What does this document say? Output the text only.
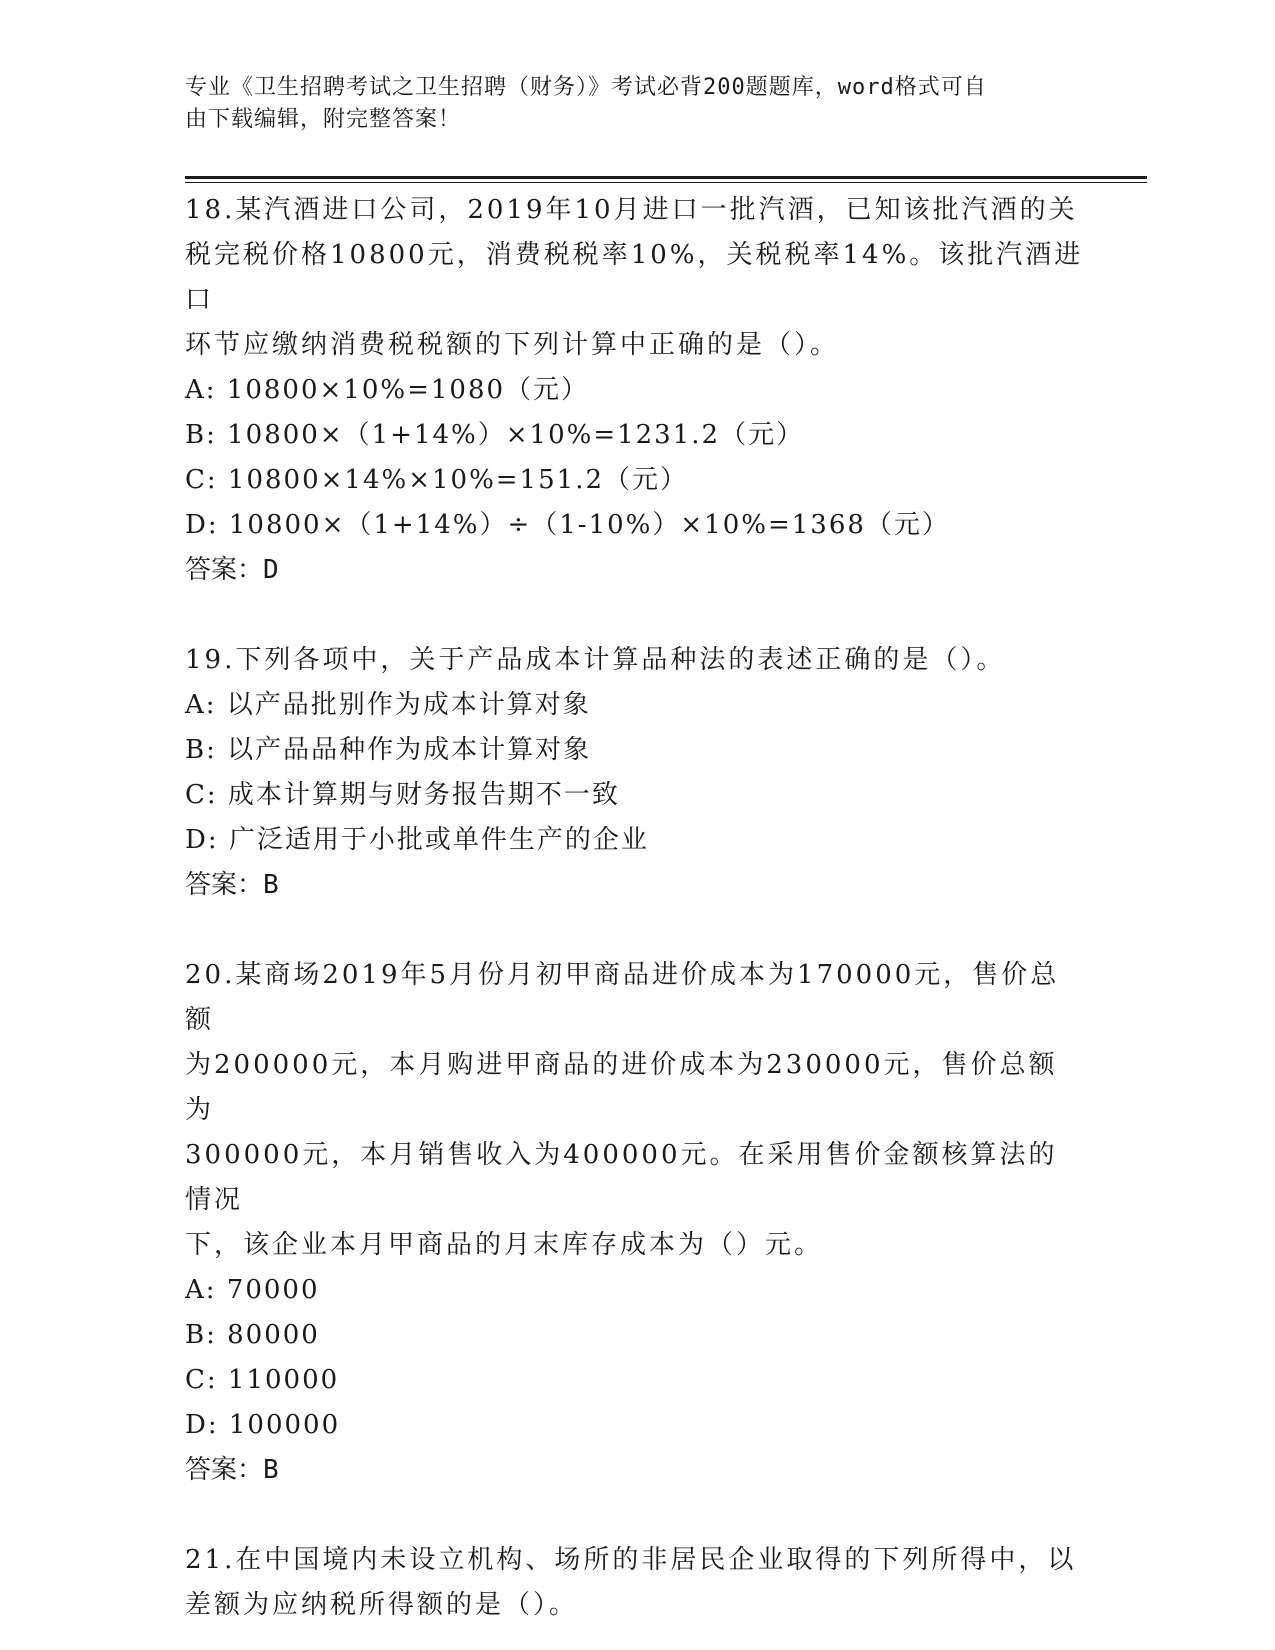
专业《卫生招聘考试之卫生招聘（财务）》考试必背200题题库，word格式可自
由下载编辑，附完整答案！
18.某汽酒进口公司，2019年10月进口一批汽酒，已知该批汽酒的关
税完税价格10800元，消费税税率10%，关税税率14%。该批汽酒进口
环节应缴纳消费税税额的下列计算中正确的是（）。
A: 10800×10%=1080（元）
B: 10800×（1+14%）×10%=1231.2（元）
C: 10800×14%×10%=151.2（元）
D: 10800×（1+14%）÷（1-10%）×10%=1368（元）
答案：D
19.下列各项中，关于产品成本计算品种法的表述正确的是（）。
A: 以产品批别作为成本计算对象
B: 以产品品种作为成本计算对象
C: 成本计算期与财务报告期不一致
D: 广泛适用于小批或单件生产的企业
答案：B
20.某商场2019年5月份月初甲商品进价成本为170000元，售价总额
为200000元，本月购进甲商品的进价成本为230000元，售价总额为
300000元，本月销售收入为400000元。在采用售价金额核算法的情况
下，该企业本月甲商品的月末库存成本为（）元。
A: 70000
B: 80000
C: 110000
D: 100000
答案：B
21.在中国境内未设立机构、场所的非居民企业取得的下列所得中，以
差额为应纳税所得额的是（）。
